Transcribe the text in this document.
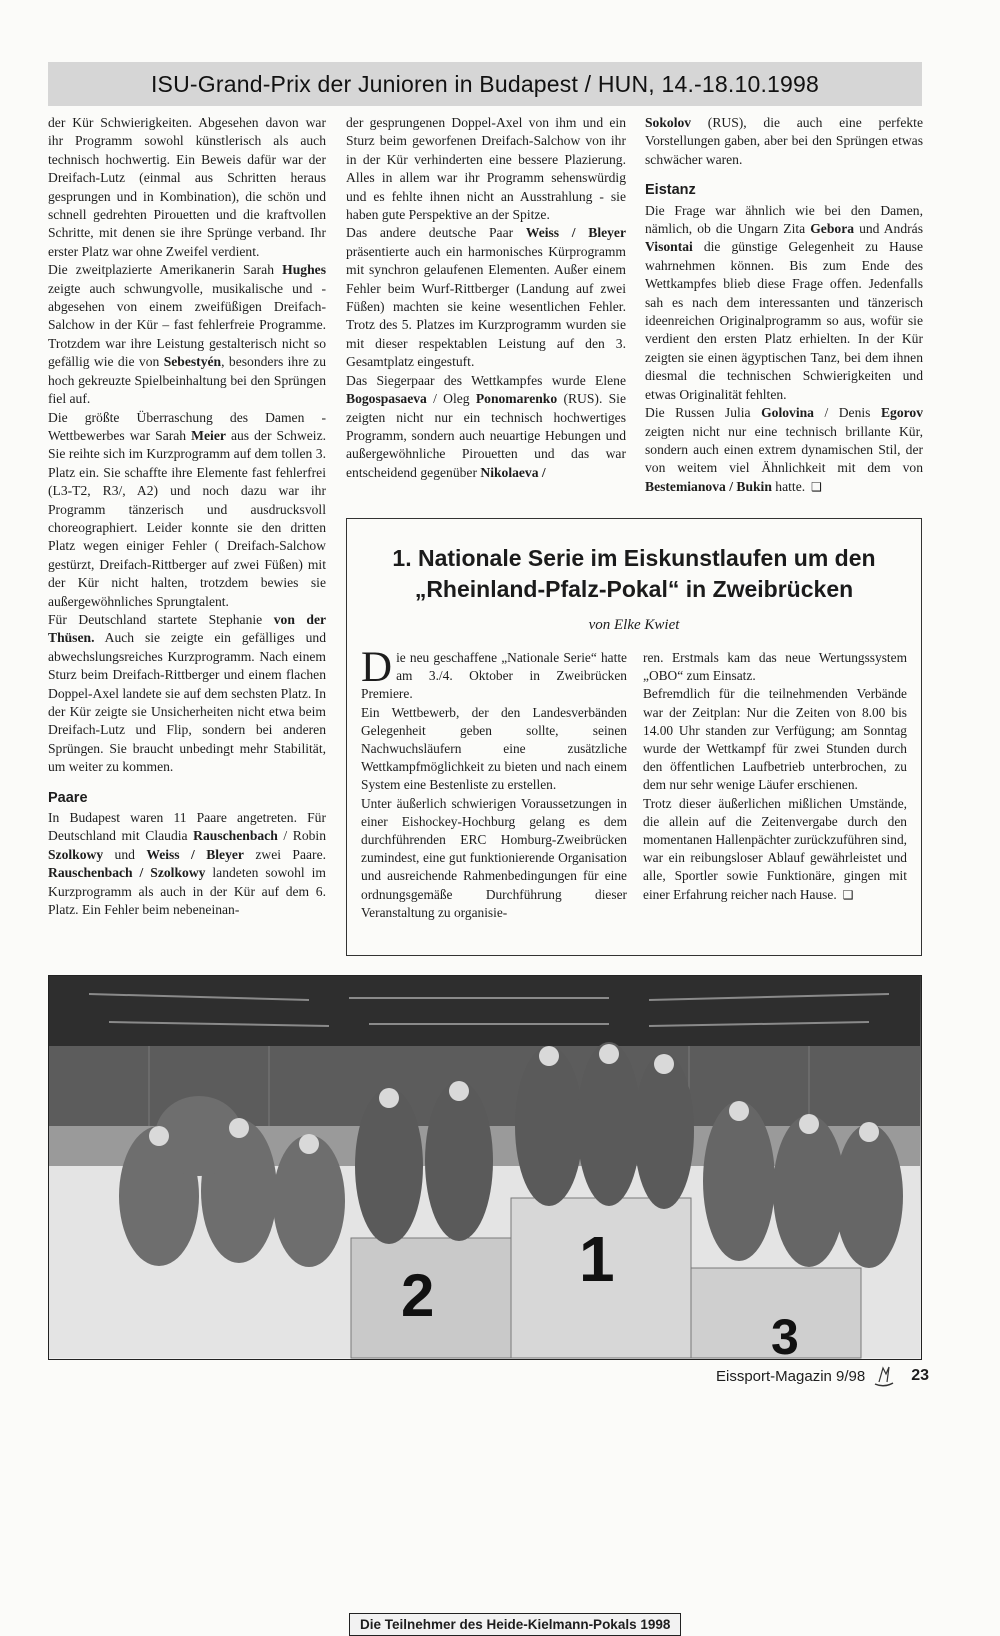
ISU-Grand-Prix der Junioren in Budapest / HUN, 14.-18.10.1998

der Kür Schwierigkeiten. Abgesehen davon war ihr Programm sowohl künstlerisch als auch technisch hochwertig. Ein Beweis dafür war der Dreifach-Lutz (einmal aus Schritten heraus gesprungen und in Kombination), die schön und schnell gedrehten Pirouetten und die kraftvollen Schritte, mit denen sie ihre Sprünge verband. Ihr erster Platz war ohne Zweifel verdient.

Die zweitplazierte Amerikanerin Sarah Hughes zeigte auch schwungvolle, musikalische und - abgesehen von einem zweifüßigen Dreifach-Salchow in der Kür – fast fehlerfreie Programme. Trotzdem war ihre Leistung gestalterisch nicht so gefällig wie die von Sebestyén, besonders ihre zu hoch gekreuzte Spielbeinhaltung bei den Sprüngen fiel auf.

Die größte Überraschung des Damen - Wettbewerbes war Sarah Meier aus der Schweiz. Sie reihte sich im Kurzprogramm auf dem tollen 3. Platz ein. Sie schaffte ihre Elemente fast fehlerfrei (L3-T2, R3/, A2) und noch dazu war ihr Programm tänzerisch und ausdrucksvoll choreographiert. Leider konnte sie den dritten Platz wegen einiger Fehler ( Dreifach-Salchow gestürzt, Dreifach-Rittberger auf zwei Füßen) mit der Kür nicht halten, trotzdem bewies sie außergewöhnliches Sprungtalent.

Für Deutschland startete Stephanie von der Thüsen. Auch sie zeigte ein gefälliges und abwechslungsreiches Kurzprogramm. Nach einem Sturz beim Dreifach-Rittberger und einem flachen Doppel-Axel landete sie auf dem sechsten Platz. In der Kür zeigte sie Unsicherheiten nicht etwa beim Dreifach-Lutz und Flip, sondern bei anderen Sprüngen. Sie braucht unbedingt mehr Stabilität, um weiter zu kommen.

Paare

In Budapest waren 11 Paare angetreten. Für Deutschland mit Claudia Rauschenbach / Robin Szolkowy und Weiss / Bleyer zwei Paare. Rauschenbach / Szolkowy landeten sowohl im Kurzprogramm als auch in der Kür auf dem 6. Platz. Ein Fehler beim nebeneinan-

der gesprungenen Doppel-Axel von ihm und ein Sturz beim geworfenen Dreifach-Salchow von ihr in der Kür verhinderten eine bessere Plazierung. Alles in allem war ihr Programm sehenswürdig und es fehlte ihnen nicht an Ausstrahlung - sie haben gute Perspektive an der Spitze.

Das andere deutsche Paar Weiss / Bleyer präsentierte auch ein harmonisches Kürprogramm mit synchron gelaufenen Elementen. Außer einem Fehler beim Wurf-Rittberger (Landung auf zwei Füßen) machten sie keine wesentlichen Fehler. Trotz des 5. Platzes im Kurzprogramm wurden sie mit dieser respektablen Leistung auf den 3. Gesamtplatz eingestuft.

Das Siegerpaar des Wettkampfes wurde Elene Bogospasaeva / Oleg Ponomarenko (RUS). Sie zeigten nicht nur ein technisch hochwertiges Programm, sondern auch neuartige Hebungen und außergewöhnliche Pirouetten und das war entscheidend gegenüber Nikolaeva /

Sokolov (RUS), die auch eine perfekte Vorstellungen gaben, aber bei den Sprüngen etwas schwächer waren.

Eistanz

Die Frage war ähnlich wie bei den Damen, nämlich, ob die Ungarn Zita Gebora und András Visontai die günstige Gelegenheit zu Hause wahrnehmen können. Bis zum Ende des Wettkampfes blieb diese Frage offen. Jedenfalls sah es nach dem interessanten und tänzerisch ideenreichen Originalprogramm so aus, wofür sie verdient den ersten Platz erhielten. In der Kür zeigten sie einen ägyptischen Tanz, bei dem ihnen diesmal die technischen Schwierigkeiten und etwas Originalität fehlten.

Die Russen Julia Golovina / Denis Egorov zeigten nicht nur eine technisch brillante Kür, sondern auch einen extrem dynamischen Stil, der von weitem viel Ähnlichkeit mit dem von Bestemianova / Bukin hatte. ❑

1. Nationale Serie im Eiskunstlaufen um den
„Rheinland-Pfalz-Pokal“ in Zweibrücken
von Elke Kwiet

Die neu geschaffene „Nationale Serie“ hatte am 3./4. Oktober in Zweibrücken Premiere.

Ein Wettbewerb, der den Landesverbänden Gelegenheit geben sollte, seinen Nachwuchsläufern eine zusätzliche Wettkampfmöglichkeit zu bieten und nach einem System eine Bestenliste zu erstellen.

Unter äußerlich schwierigen Voraussetzungen in einer Eishockey-Hochburg gelang es dem durchführenden ERC Homburg-Zweibrücken zumindest, eine gut funktionierende Organisation und ausreichende Rahmenbedingungen für eine ordnungsgemäße Durchführung dieser Veranstaltung zu organisie-

ren. Erstmals kam das neue Wertungssystem „OBO“ zum Einsatz.

Befremdlich für die teilnehmenden Verbände war der Zeitplan: Nur die Zeiten von 8.00 bis 14.00 Uhr standen zur Verfügung; am Sonntag wurde der Wettkampf für zwei Stunden durch den öffentlichen Laufbetrieb unterbrochen, zu dem nur sehr wenige Läufer erschienen.

Trotz dieser äußerlichen mißlichen Umstände, die allein auf die Zeitenvergabe durch den momentanen Hallenpächter zurückzuführen sind, war ein reibungsloser Ablauf gewährleistet und alle, Sportler sowie Funktionäre, gingen mit einer Erfahrung reicher nach Hause. ❑

2
1
3
Die Teilnehmer des Heide-Kielmann-Pokals 1998
Eissport-Magazin 9/98	23
